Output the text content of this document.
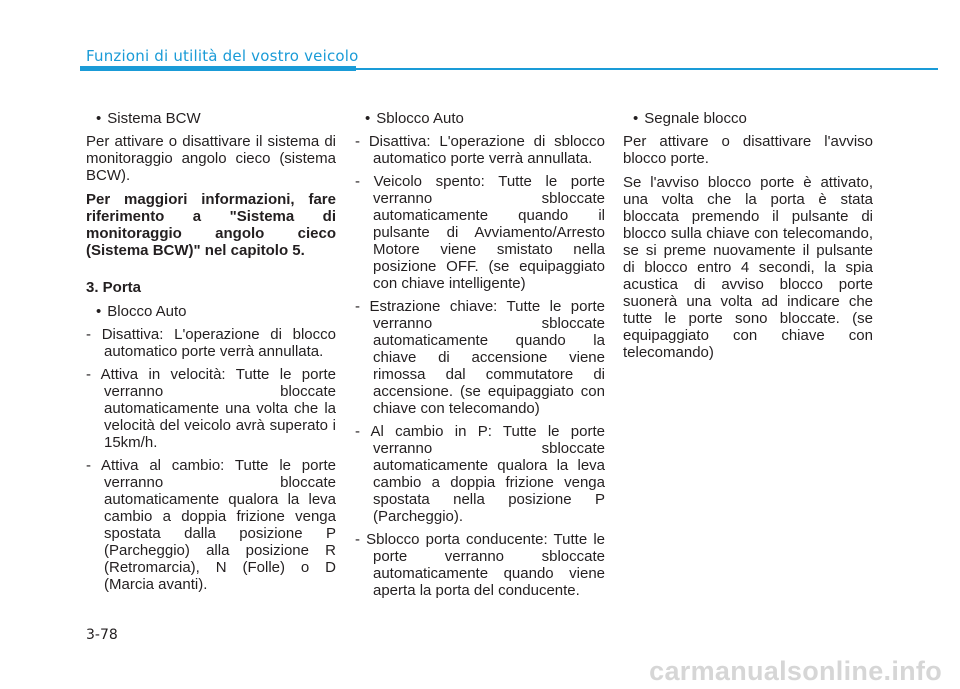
Funzioni di utilità del vostro veicolo

• Sistema BCW

Per attivare o disattivare il sistema di monitoraggio angolo cieco (sistema BCW).

Per maggiori informazioni, fare riferimento a "Sistema di monitoraggio angolo cieco (Sistema BCW)" nel capitolo 5.

3. Porta

• Blocco Auto

- Disattiva: L'operazione di blocco automatico porte verrà annullata.

- Attiva in velocità: Tutte le porte verranno bloccate automaticamente una volta che la velocità del veicolo avrà superato i 15km/h.

- Attiva al cambio: Tutte le porte verranno bloccate automaticamente qualora la leva cambio a doppia frizione venga spostata dalla posizione P (Parcheggio) alla posizione R (Retromarcia), N (Folle) o D (Marcia avanti).

• Sblocco Auto

- Disattiva: L'operazione di sblocco automatico porte verrà annullata.

- Veicolo spento: Tutte le porte verranno sbloccate automaticamente quando il pulsante di Avviamento/Arresto Motore viene smistato nella posizione OFF. (se equipaggiato con chiave intelligente)

- Estrazione chiave: Tutte le porte verranno sbloccate automaticamente quando la chiave di accensione viene rimossa dal commutatore di accensione. (se equipaggiato con chiave con telecomando)

- Al cambio in P: Tutte le porte verranno sbloccate automaticamente qualora la leva cambio a doppia frizione venga spostata nella posizione P (Parcheggio).

- Sblocco porta conducente: Tutte le porte verranno sbloccate automaticamente quando viene aperta la porta del conducente.

• Segnale blocco

Per attivare o disattivare l'avviso blocco porte.

Se l'avviso blocco porte è attivato, una volta che la porta è stata bloccata premendo il pulsante di blocco sulla chiave con telecomando, se si preme nuovamente il pulsante di blocco entro 4 secondi, la spia acustica di avviso blocco porte suonerà una volta ad indicare che tutte le porte sono bloccate. (se equipaggiato con chiave con telecomando)

3-78
carmanualsonline.info
